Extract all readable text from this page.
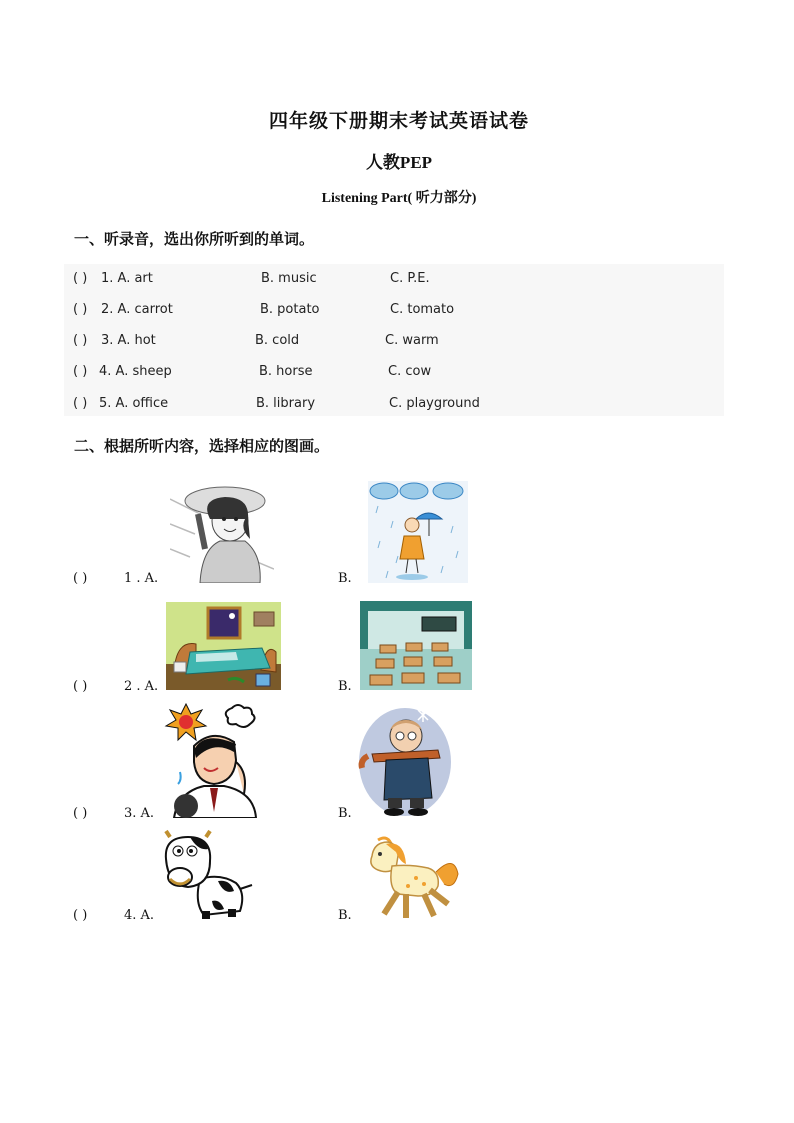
四年级下册期末考试英语试卷
人教PEP
Listening Part( 听力部分)
一、听录音，选出你所听到的单词。
( ) 1. A. art	B. music	C. P.E.
( ) 2. A. carrot	B. potato	C. tomato
( ) 3. A. hot	B. cold	C. warm
( ) 4. A. sheep	B. horse	C. cow
( ) 5. A. office	B. library	C. playground
二、根据所听内容，选择相应的图画。
( )	1 . A.	B.
( )	2 . A.	B.
( )	3. A.	B.
( )	4. A.	B.
